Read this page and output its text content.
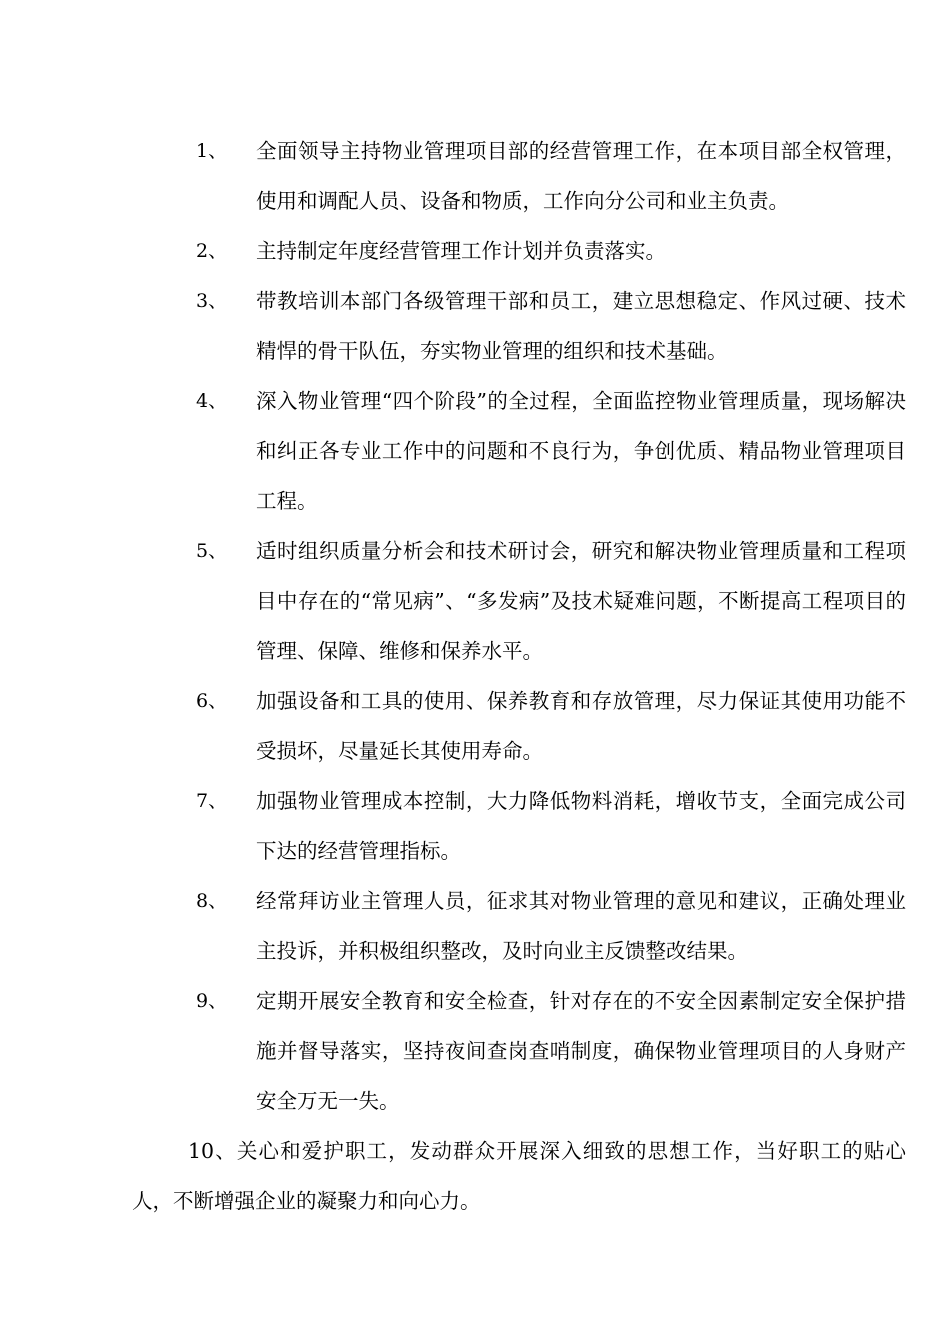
1、	全面领导主持物业管理项目部的经营管理工作，在本项目部全权管理，使用和调配人员、设备和物质，工作向分公司和业主负责。
2、	主持制定年度经营管理工作计划并负责落实。
3、	带教培训本部门各级管理干部和员工，建立思想稳定、作风过硬、技术精悍的骨干队伍，夯实物业管理的组织和技术基础。
4、	深入物业管理“四个阶段”的全过程，全面监控物业管理质量，现场解决和纠正各专业工作中的问题和不良行为，争创优质、精品物业管理项目工程。
5、	适时组织质量分析会和技术研讨会，研究和解决物业管理质量和工程项目中存在的“常见病”、“多发病”及技术疑难问题，不断提高工程项目的管理、保障、维修和保养水平。
6、	加强设备和工具的使用、保养教育和存放管理，尽力保证其使用功能不受损坏，尽量延长其使用寿命。
7、	加强物业管理成本控制，大力降低物料消耗，增收节支，全面完成公司下达的经营管理指标。
8、	经常拜访业主管理人员，征求其对物业管理的意见和建议，正确处理业主投诉，并积极组织整改，及时向业主反馈整改结果。
9、	定期开展安全教育和安全检查，针对存在的不安全因素制定安全保护措施并督导落实，坚持夜间查岗查哨制度，确保物业管理项目的人身财产安全万无一失。
10、关心和爱护职工，发动群众开展深入细致的思想工作，当好职工的贴心人，不断增强企业的凝聚力和向心力。
